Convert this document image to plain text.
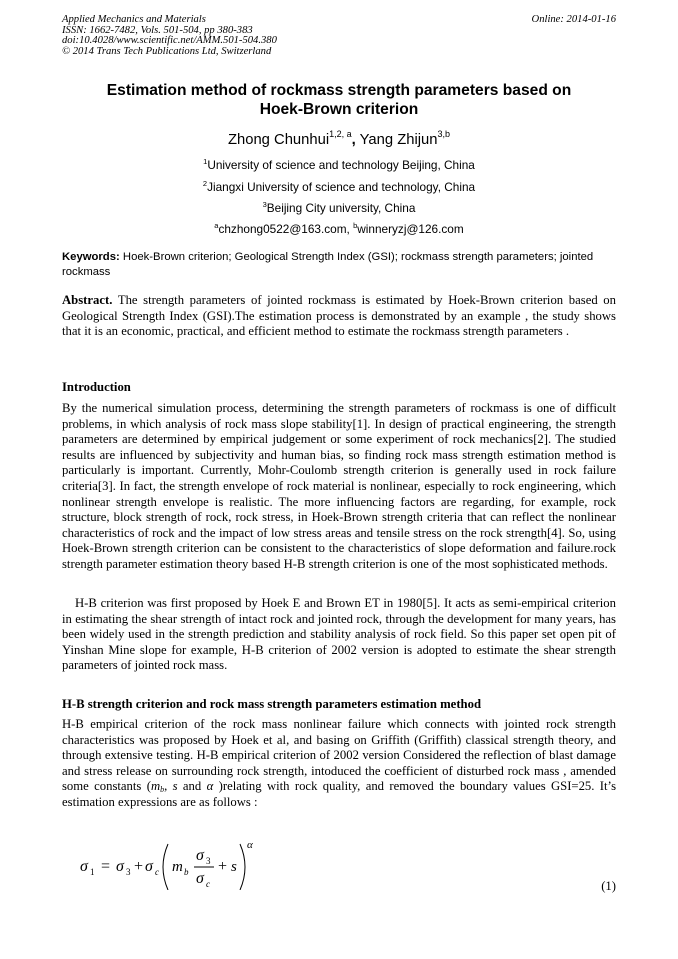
Applied Mechanics and Materials
ISSN: 1662-7482, Vols. 501-504, pp 380-383
doi:10.4028/www.scientific.net/AMM.501-504.380
© 2014 Trans Tech Publications Ltd, Switzerland
Online: 2014-01-16
Estimation method of rockmass strength parameters based on
Hoek-Brown criterion
Zhong Chunhui$^{1,2, a}$, Yang Zhijun$^{3,b}$
$^1$University of science and technology Beijing, China
$^2$Jiangxi University of science and technology, China
$^3$Beijing City university, China
$^a$chzhong0522@163.com, $^b$winneryzj@126.com
Keywords: Hoek-Brown criterion; Geological Strength Index (GSI); rockmass strength parameters; jointed rockmass
Abstract. The strength parameters of jointed rockmass is estimated by Hoek-Brown criterion based on Geological Strength Index (GSI).The estimation process is demonstrated by an example , the study shows that it is an economic, practical, and efficient method to estimate the rockmass strength parameters .
Introduction
By the numerical simulation process, determining the strength parameters of rockmass is one of difficult problems, in which analysis of rock mass slope stability[1]. In design of practical engineering, the strength parameters are determined by empirical judgement or some experiment of rock mechanics[2]. The studied results are influenced by subjectivity and human bias, so finding rock mass strength estimation method is particularly is important. Currently, Mohr-Coulomb strength criterion is generally used in rock failure criteria[3]. In fact, the strength envelope of rock material is nonlinear, especially to rock engineering, which nonlinear strength envelope is realistic. The more influencing factors are regarding, for example, rock structure, block strength of rock, rock stress, in Hoek-Brown strength criteria that can reflect the nonlinear characteristics of rock and the impact of low stress areas and tensile stress on the rock strength[4]. So, using Hoek-Brown strength criterion can be consistent to the characteristics of slope deformation and failure.rock strength parameter estimation theory based H-B strength criterion is one of the most sophisticated methods.
H-B criterion was first proposed by Hoek E and Brown ET in 1980[5]. It acts as semi-empirical criterion in estimating the shear strength of intact rock and jointed rock, through the development for many years, has been widely used in the strength prediction and stability analysis of rock field. So this paper set open pit of Yinshan Mine slope for example, H-B criterion of 2002 version is adopted to estimate the shear strength parameters of jointed rock mass.
H-B strength criterion and rock mass strength parameters estimation method
H-B empirical criterion of the rock mass nonlinear failure which connects with jointed rock strength characteristics was proposed by Hoek et al, and basing on Griffith (Griffith) classical strength theory, and through extensive testing. H-B empirical criterion of 2002 version Considered the reflection of blast damage and stress release on surrounding rock strength, intoduced the coefficient of disturbed rock mass , amended some constants ($m_b$, s and α )relating with rock quality, and removed the boundary values GSI=25. It’s estimation expressions are as follows :
σ 1 = σ 3 + σ c m b
σ 3
σ c
+ s
α
(1)
